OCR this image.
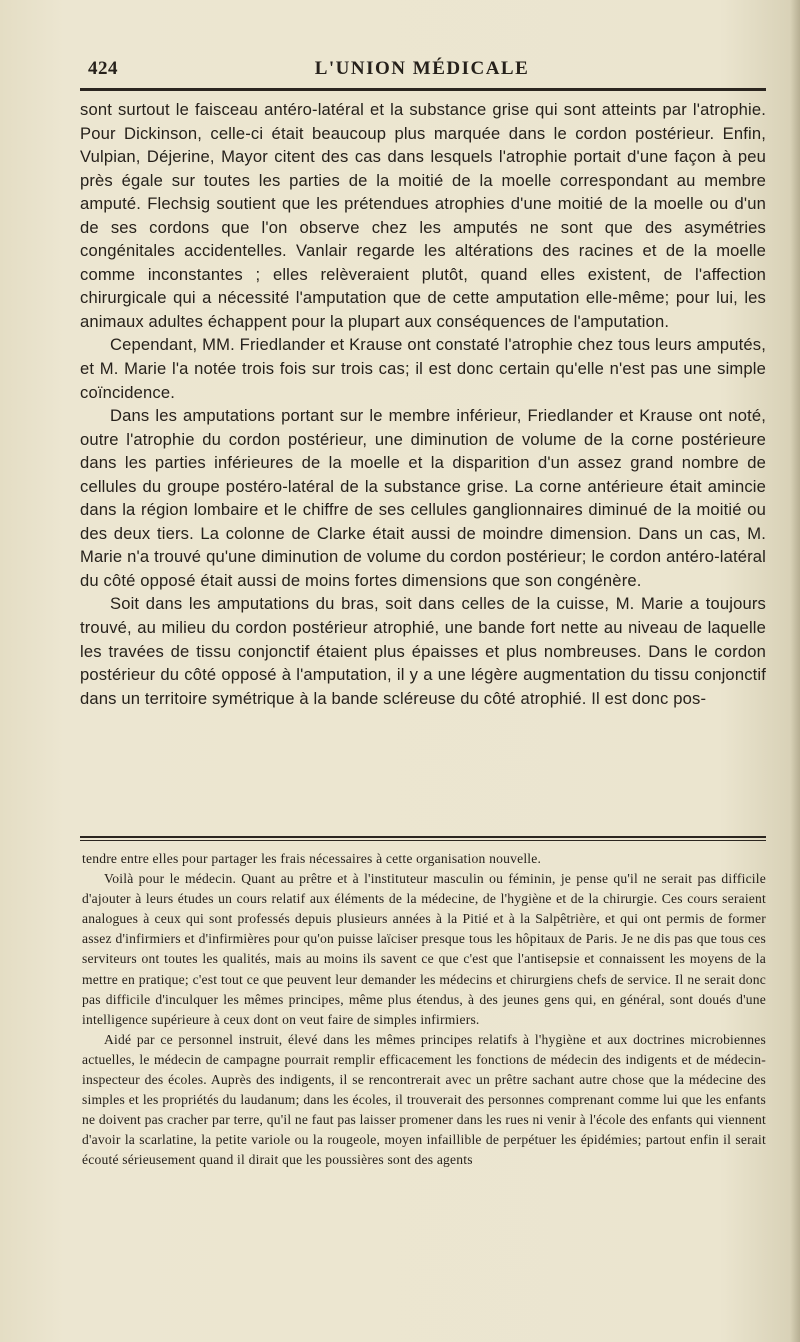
424	L'UNION MÉDICALE

sont surtout le faisceau antéro-latéral et la substance grise qui sont atteints par l'atrophie. Pour Dickinson, celle-ci était beaucoup plus marquée dans le cordon postérieur. Enfin, Vulpian, Déjerine, Mayor citent des cas dans lesquels l'atrophie portait d'une façon à peu près égale sur toutes les parties de la moitié de la moelle correspondant au membre amputé. Flechsig soutient que les prétendues atrophies d'une moitié de la moelle ou d'un de ses cordons que l'on observe chez les amputés ne sont que des asymétries congénitales accidentelles. Vanlair regarde les altérations des racines et de la moelle comme inconstantes ; elles relèveraient plutôt, quand elles existent, de l'affection chirurgicale qui a nécessité l'amputation que de cette amputation elle-même; pour lui, les animaux adultes échappent pour la plupart aux conséquences de l'amputation.

Cependant, MM. Friedlander et Krause ont constaté l'atrophie chez tous leurs amputés, et M. Marie l'a notée trois fois sur trois cas; il est donc certain qu'elle n'est pas une simple coïncidence.

Dans les amputations portant sur le membre inférieur, Friedlander et Krause ont noté, outre l'atrophie du cordon postérieur, une diminution de volume de la corne postérieure dans les parties inférieures de la moelle et la disparition d'un assez grand nombre de cellules du groupe postéro-latéral de la substance grise. La corne antérieure était amincie dans la région lombaire et le chiffre de ses cellules ganglionnaires diminué de la moitié ou des deux tiers. La colonne de Clarke était aussi de moindre dimension. Dans un cas, M. Marie n'a trouvé qu'une diminution de volume du cordon postérieur; le cordon antéro-latéral du côté opposé était aussi de moins fortes dimensions que son congénère.

Soit dans les amputations du bras, soit dans celles de la cuisse, M. Marie a toujours trouvé, au milieu du cordon postérieur atrophié, une bande fort nette au niveau de laquelle les travées de tissu conjonctif étaient plus épaisses et plus nombreuses. Dans le cordon postérieur du côté opposé à l'amputation, il y a une légère augmentation du tissu conjonctif dans un territoire symétrique à la bande scléreuse du côté atrophié. Il est donc pos-

tendre entre elles pour partager les frais nécessaires à cette organisation nouvelle.

Voilà pour le médecin. Quant au prêtre et à l'instituteur masculin ou féminin, je pense qu'il ne serait pas difficile d'ajouter à leurs études un cours relatif aux éléments de la médecine, de l'hygiène et de la chirurgie. Ces cours seraient analogues à ceux qui sont professés depuis plusieurs années à la Pitié et à la Salpêtrière, et qui ont permis de former assez d'infirmiers et d'infirmières pour qu'on puisse laïciser presque tous les hôpitaux de Paris. Je ne dis pas que tous ces serviteurs ont toutes les qualités, mais au moins ils savent ce que c'est que l'antisepsie et connaissent les moyens de la mettre en pratique; c'est tout ce que peuvent leur demander les médecins et chirurgiens chefs de service. Il ne serait donc pas difficile d'inculquer les mêmes principes, même plus étendus, à des jeunes gens qui, en général, sont doués d'une intelligence supérieure à ceux dont on veut faire de simples infirmiers.

Aidé par ce personnel instruit, élevé dans les mêmes principes relatifs à l'hygiène et aux doctrines microbiennes actuelles, le médecin de campagne pourrait remplir efficacement les fonctions de médecin des indigents et de médecin-inspecteur des écoles. Auprès des indigents, il se rencontrerait avec un prêtre sachant autre chose que la médecine des simples et les propriétés du laudanum; dans les écoles, il trouverait des personnes comprenant comme lui que les enfants ne doivent pas cracher par terre, qu'il ne faut pas laisser promener dans les rues ni venir à l'école des enfants qui viennent d'avoir la scarlatine, la petite variole ou la rougeole, moyen infaillible de perpétuer les épidémies; partout enfin il serait écouté sérieusement quand il dirait que les poussières sont des agents
